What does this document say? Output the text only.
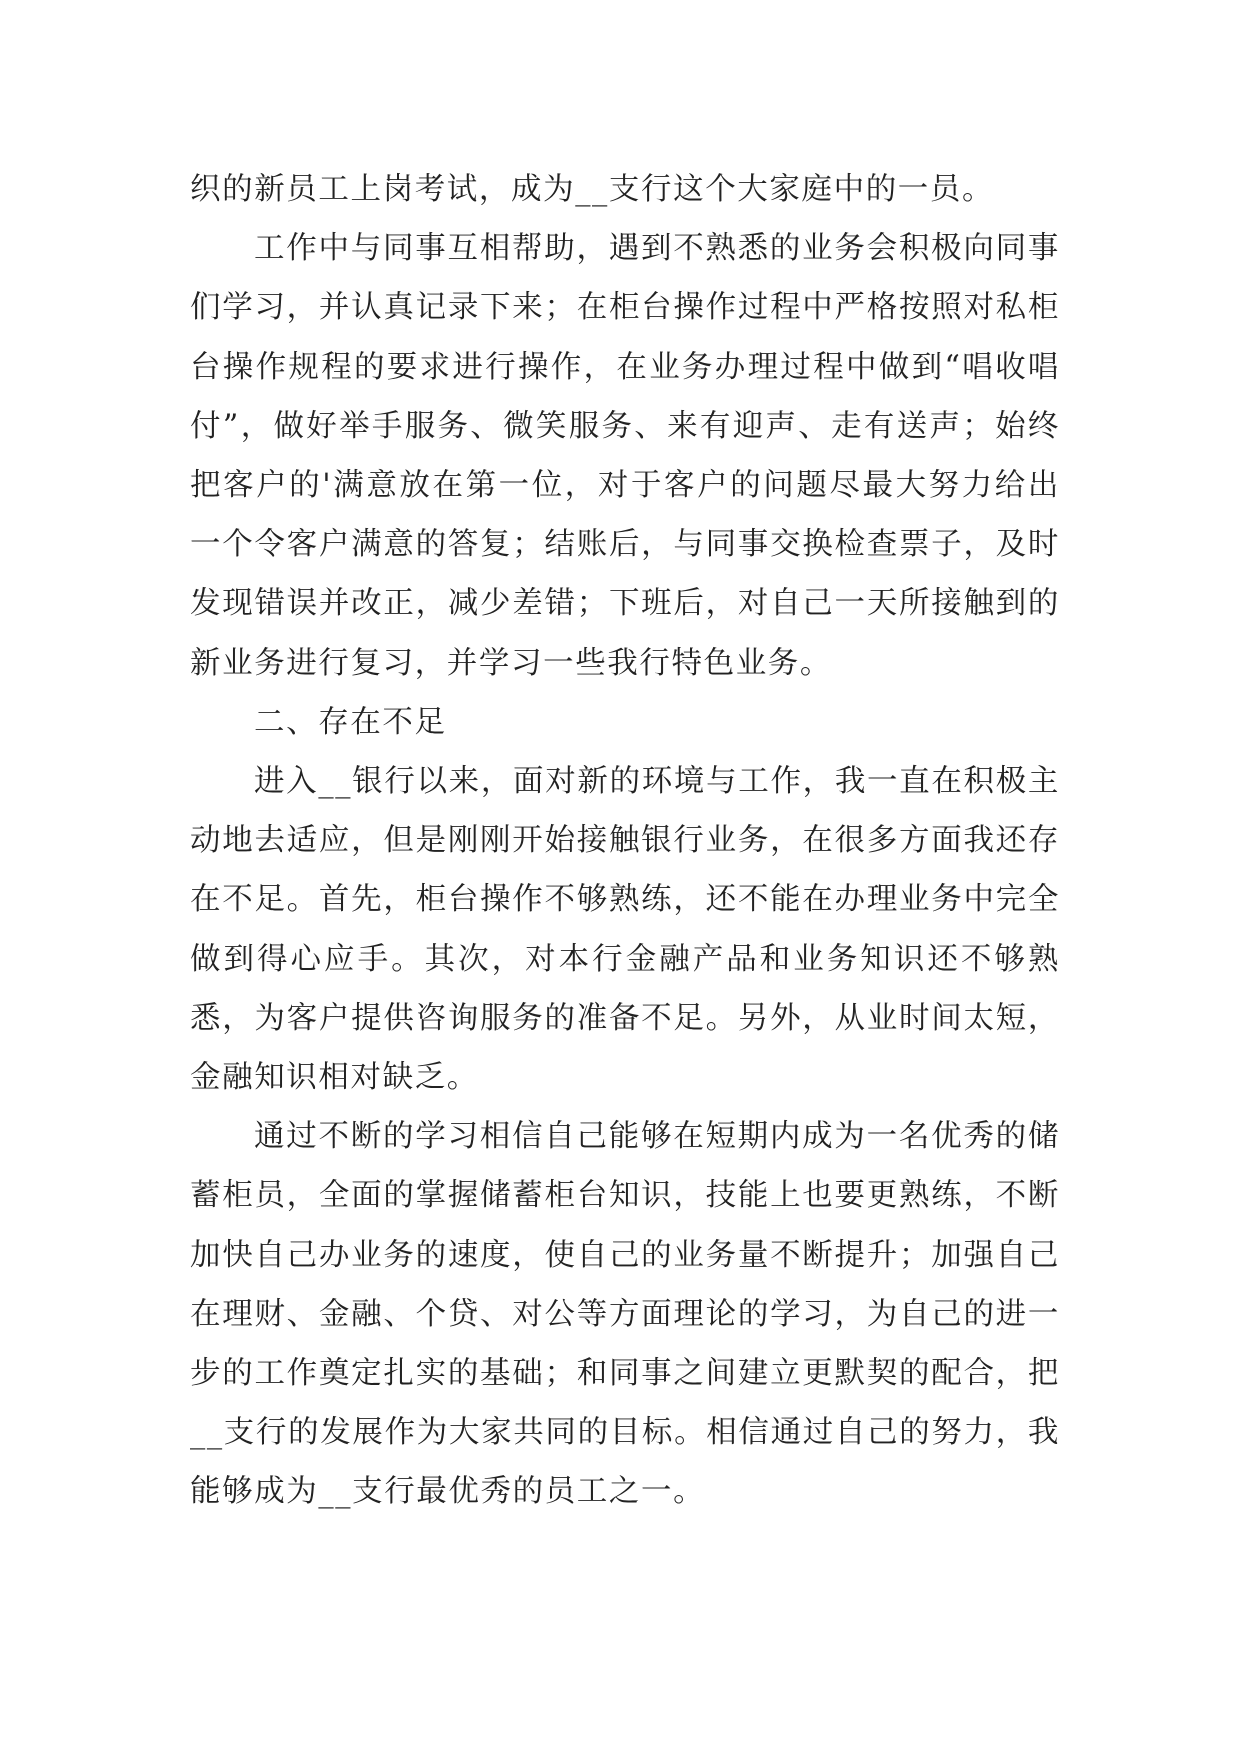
织的新员工上岗考试，成为__支行这个大家庭中的一员。

工作中与同事互相帮助，遇到不熟悉的业务会积极向同事们学习，并认真记录下来；在柜台操作过程中严格按照对私柜台操作规程的要求进行操作，在业务办理过程中做到“唱收唱付”，做好举手服务、微笑服务、来有迎声、走有送声；始终把客户的'满意放在第一位，对于客户的问题尽最大努力给出一个令客户满意的答复；结账后，与同事交换检查票子，及时发现错误并改正，减少差错；下班后，对自己一天所接触到的新业务进行复习，并学习一些我行特色业务。

二、存在不足

进入__银行以来，面对新的环境与工作，我一直在积极主动地去适应，但是刚刚开始接触银行业务，在很多方面我还存在不足。首先，柜台操作不够熟练，还不能在办理业务中完全做到得心应手。其次，对本行金融产品和业务知识还不够熟悉，为客户提供咨询服务的准备不足。另外，从业时间太短，金融知识相对缺乏。

通过不断的学习相信自己能够在短期内成为一名优秀的储蓄柜员，全面的掌握储蓄柜台知识，技能上也要更熟练，不断加快自己办业务的速度，使自己的业务量不断提升；加强自己在理财、金融、个贷、对公等方面理论的学习，为自己的进一步的工作奠定扎实的基础；和同事之间建立更默契的配合，把__支行的发展作为大家共同的目标。相信通过自己的努力，我能够成为__支行最优秀的员工之一。
